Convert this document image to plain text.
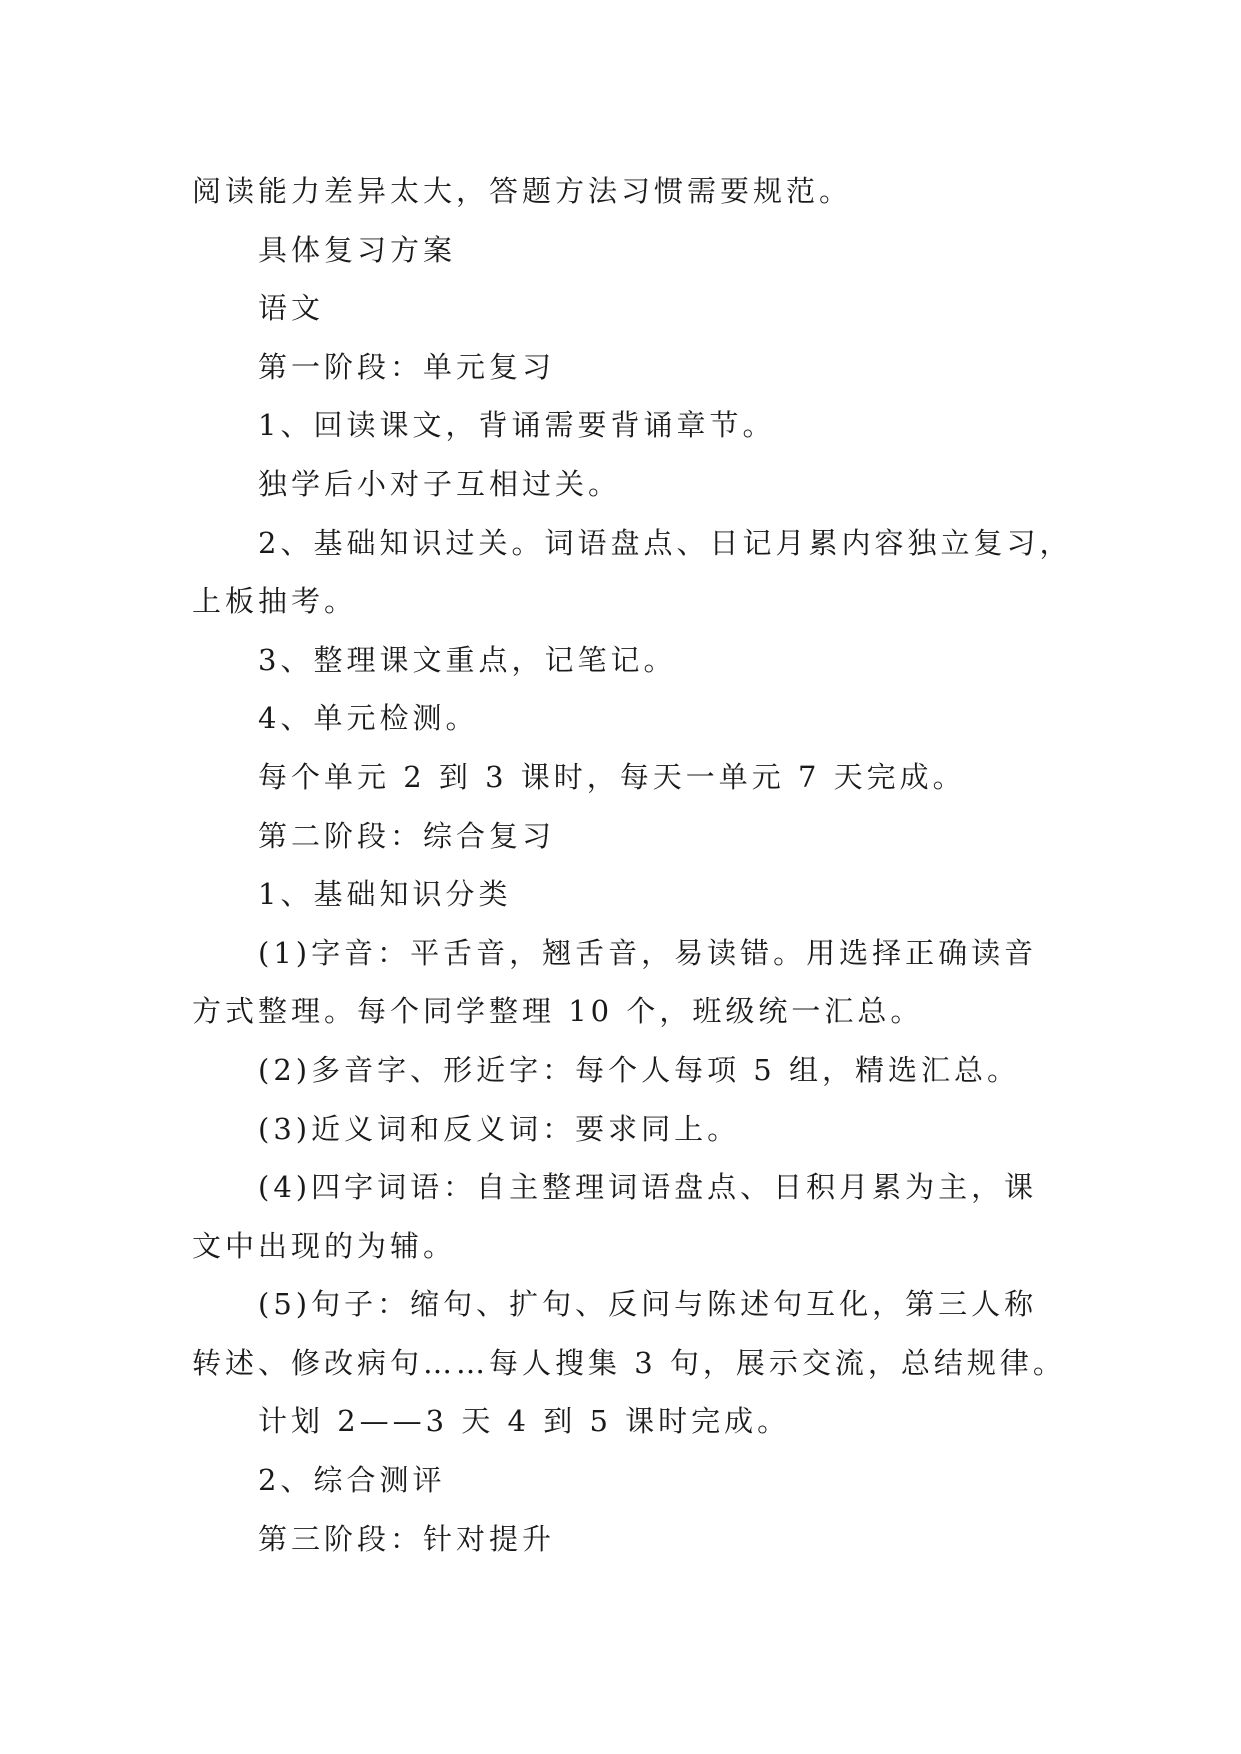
阅读能力差异太大，答题方法习惯需要规范。

具体复习方案

语文

第一阶段：单元复习

1、回读课文，背诵需要背诵章节。

独学后小对子互相过关。

2、基础知识过关。词语盘点、日记月累内容独立复习，
上板抽考。

3、整理课文重点，记笔记。

4、单元检测。

每个单元 2 到 3 课时，每天一单元 7 天完成。

第二阶段：综合复习

1、基础知识分类

(1)字音：平舌音，翘舌音，易读错。用选择正确读音
方式整理。每个同学整理 10 个，班级统一汇总。

(2)多音字、形近字：每个人每项 5 组，精选汇总。

(3)近义词和反义词：要求同上。

(4)四字词语：自主整理词语盘点、日积月累为主，课
文中出现的为辅。

(5)句子：缩句、扩句、反问与陈述句互化，第三人称
转述、修改病句……每人搜集 3 句，展示交流，总结规律。

计划 2——3 天 4 到 5 课时完成。

2、综合测评

第三阶段：针对提升
